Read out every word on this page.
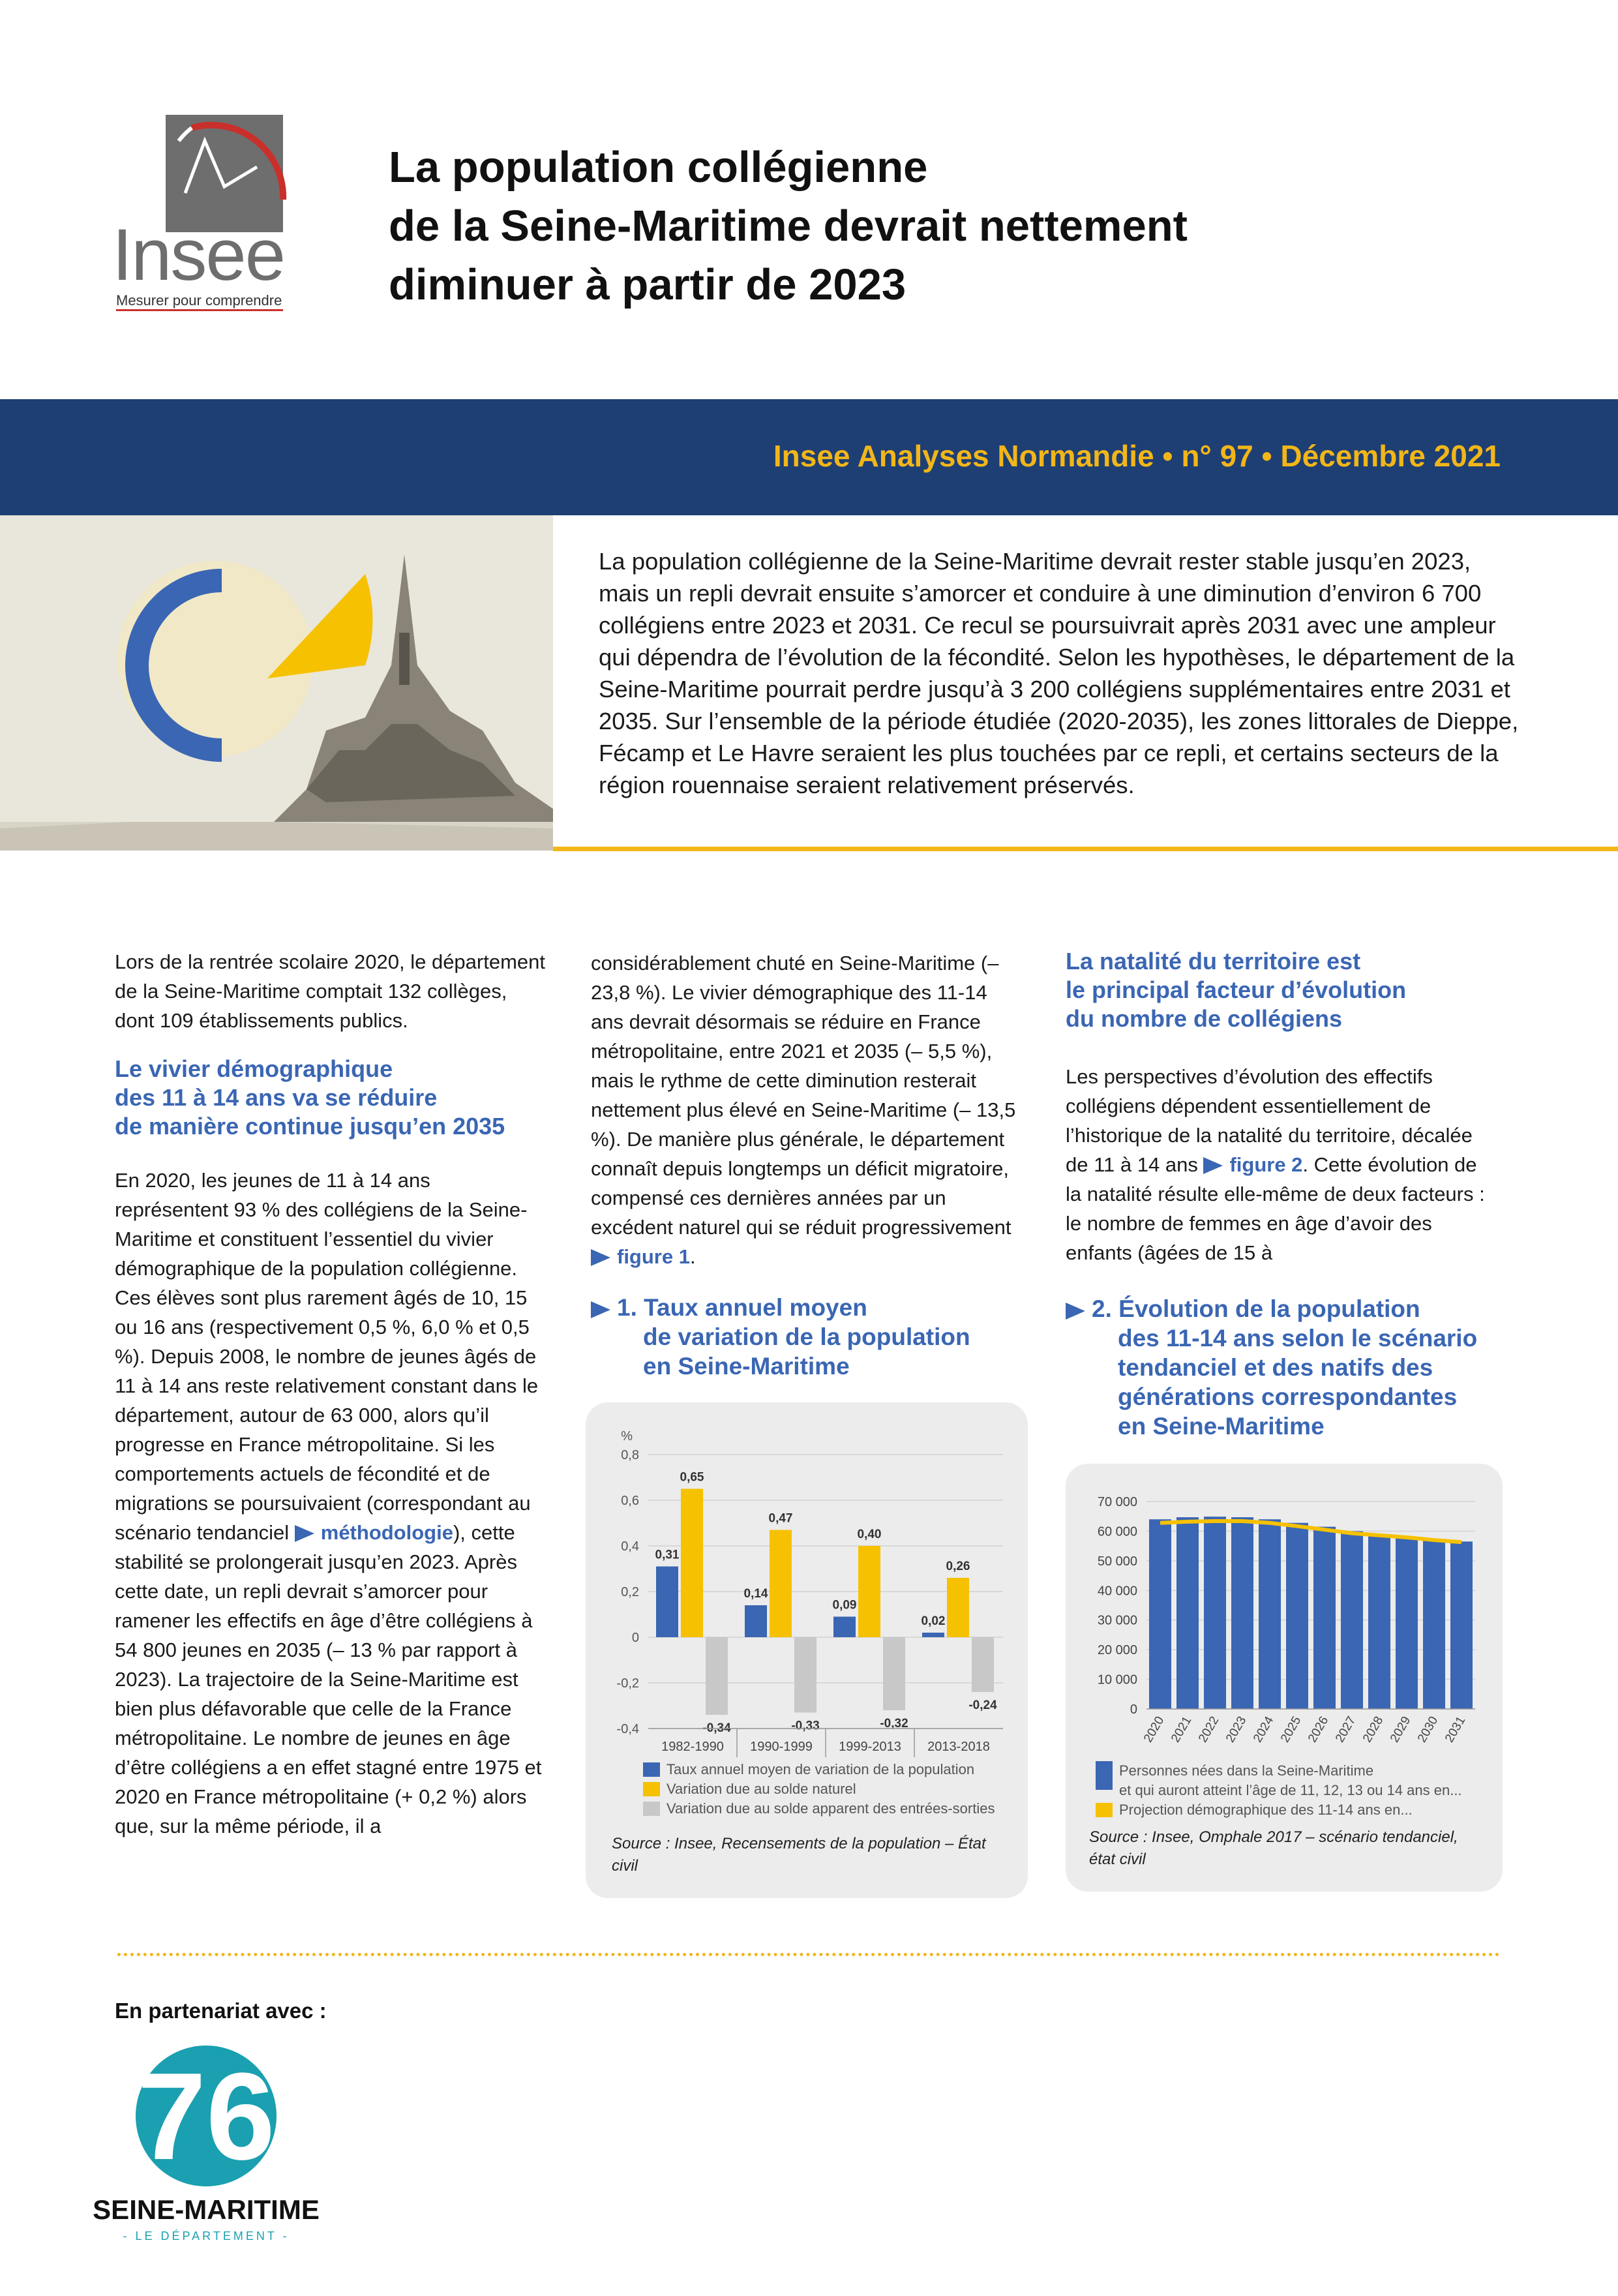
Insee
Mesurer pour comprendre
La population collégienne
de la Seine-Maritime devrait nettement
diminuer à partir de 2023
Insee Analyses Normandie • n° 97 • Décembre 2021
La population collégienne de la Seine-Maritime devrait rester stable jusqu’en 2023, mais un repli devrait ensuite s’amorcer et conduire à une diminution d’environ 6 700 collégiens entre 2023 et 2031. Ce recul se poursuivrait après 2031 avec une ampleur qui dépendra de l’évolution de la fécondité. Selon les hypothèses, le département de la Seine-Maritime pourrait perdre jusqu’à 3 200 collégiens supplémentaires entre 2031 et 2035. Sur l’ensemble de la période étudiée (2020-2035), les zones littorales de Dieppe, Fécamp et Le Havre seraient les plus touchées par ce repli, et certains secteurs de la région rouennaise seraient relativement préservés.

Lors de la rentrée scolaire 2020, le département de la Seine-Maritime comptait 132 collèges, dont 109 établissements publics.

Le vivier démographique
des 11 à 14 ans va se réduire
de manière continue jusqu’en 2035

En 2020, les jeunes de 11 à 14 ans représentent 93 % des collégiens de la Seine-Maritime et constituent l’essentiel du vivier démographique de la population collégienne. Ces élèves sont plus rarement âgés de 10, 15 ou 16 ans (respectivement 0,5 %, 6,0 % et 0,5 %). Depuis 2008, le nombre de jeunes âgés de 11 à 14 ans reste relativement constant dans le département, autour de 63 000, alors qu’il progresse en France métropolitaine. Si les comportements actuels de fécondité et de migrations se poursuivaient (correspondant au scénario tendanciel méthodologie), cette stabilité se prolongerait jusqu’en 2023. Après cette date, un repli devrait s’amorcer pour ramener les effectifs en âge d’être collégiens à 54 800 jeunes en 2035 (– 13 % par rapport à 2023). La trajectoire de la Seine-Maritime est bien plus défavorable que celle de la France métropolitaine. Le nombre de jeunes en âge d’être collégiens a en effet stagné entre 1975 et 2020 en France métropolitaine (+ 0,2 %) alors que, sur la même période, il a

considérablement chuté en Seine-Maritime (– 23,8 %). Le vivier démographique des 11-14 ans devrait désormais se réduire en France métropolitaine, entre 2021 et 2035 (– 5,5 %), mais le rythme de cette diminution resterait nettement plus élevé en Seine-Maritime (– 13,5 %). De manière plus générale, le département connaît depuis longtemps un déficit migratoire, compensé ces dernières années par un excédent naturel qui se réduit progressivement figure 1.

1. Taux annuel moyen
de variation de la population
en Seine-Maritime
%
0,8
0,6
0,4
0,2
0
-0,2
-0,4
0,31
0,65
-0,34
1982-1990
0,14
0,47
-0,33
1990-1999
0,09
0,40
-0,32
1999-2013
0,02
0,26
-0,24
2013-2018
Taux annuel moyen de variation de la population
Variation due au solde naturel
Variation due au solde apparent des entrées-sorties
Source : Insee, Recensements de la population – État civil
La natalité du territoire est
le principal facteur d’évolution
du nombre de collégiens

Les perspectives d’évolution des effectifs collégiens dépendent essentiellement de l’historique de la natalité du territoire, décalée de 11 à 14 ans figure 2. Cette évolution de la natalité résulte elle-même de deux facteurs : le nombre de femmes en âge d’avoir des enfants (âgées de 15 à

2. Évolution de la population
des 11-14 ans selon le scénario
tendanciel et des natifs des
générations correspondantes
en Seine-Maritime
70 000
60 000
50 000
40 000
30 000
20 000
10 000
0
2020 2021 2022 2023 2024 2025 2026 2027 2028 2029 2030 2031
Personnes nées dans la Seine-Maritime
et qui auront atteint l’âge de 11, 12, 13 ou 14 ans en...
Projection démographique des 11-14 ans en...
Source : Insee, Omphale 2017 – scénario tendanciel, état civil
En partenariat avec :
76
SEINE-MARITIME
- LE DÉPARTEMENT -
